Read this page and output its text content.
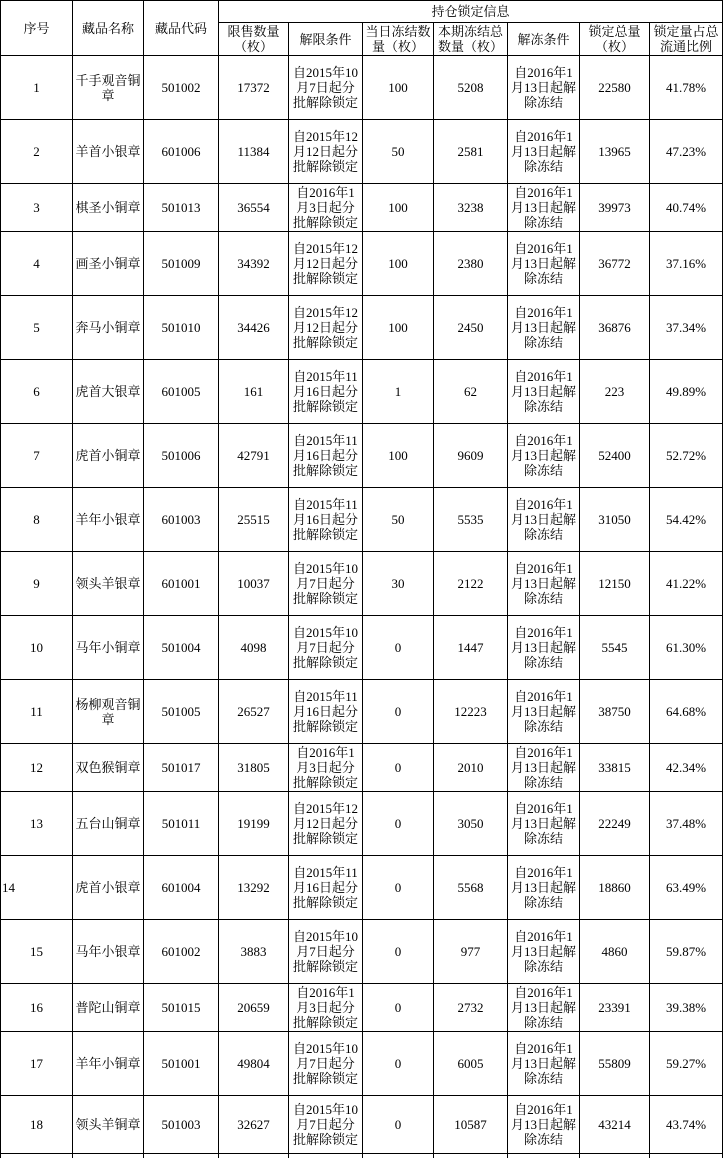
序号	藏品名称	藏品代码	持仓锁定信息						
			限售数量（枚）	解限条件	当日冻结数量（枚）	本期冻结总数量（枚）	解冻条件	锁定总量（枚）	锁定量占总流通比例
1	千手观音铜章	501002	17372	自2015年10月7日起分批解除锁定	100	5208	自2016年1月13日起解除冻结	22580	41.78%
2	羊首小银章	601006	11384	自2015年12月12日起分批解除锁定	50	2581	自2016年1月13日起解除冻结	13965	47.23%
3	棋圣小铜章	501013	36554	自2016年1月3日起分批解除锁定	100	3238	自2016年1月13日起解除冻结	39973	40.74%
4	画圣小铜章	501009	34392	自2015年12月12日起分批解除锁定	100	2380	自2016年1月13日起解除冻结	36772	37.16%
5	奔马小铜章	501010	34426	自2015年12月12日起分批解除锁定	100	2450	自2016年1月13日起解除冻结	36876	37.34%
6	虎首大银章	601005	161	自2015年11月16日起分批解除锁定	1	62	自2016年1月13日起解除冻结	223	49.89%
7	虎首小铜章	501006	42791	自2015年11月16日起分批解除锁定	100	9609	自2016年1月13日起解除冻结	52400	52.72%
8	羊年小银章	601003	25515	自2015年11月16日起分批解除锁定	50	5535	自2016年1月13日起解除冻结	31050	54.42%
9	领头羊银章	601001	10037	自2015年10月7日起分批解除锁定	30	2122	自2016年1月13日起解除冻结	12150	41.22%
10	马年小铜章	501004	4098	自2015年10月7日起分批解除锁定	0	1447	自2016年1月13日起解除冻结	5545	61.30%
11	杨柳观音铜章	501005	26527	自2015年11月16日起分批解除锁定	0	12223	自2016年1月13日起解除冻结	38750	64.68%
12	双色猴铜章	501017	31805	自2016年1月3日起分批解除锁定	0	2010	自2016年1月13日起解除冻结	33815	42.34%
13	五台山铜章	501011	19199	自2015年12月12日起分批解除锁定	0	3050	自2016年1月13日起解除冻结	22249	37.48%
14	虎首小银章	601004	13292	自2015年11月16日起分批解除锁定	0	5568	自2016年1月13日起解除冻结	18860	63.49%
15	马年小银章	601002	3883	自2015年10月7日起分批解除锁定	0	977	自2016年1月13日起解除冻结	4860	59.87%
16	普陀山铜章	501015	20659	自2016年1月3日起分批解除锁定	0	2732	自2016年1月13日起解除冻结	23391	39.38%
17	羊年小铜章	501001	49804	自2015年10月7日起分批解除锁定	0	6005	自2016年1月13日起解除冻结	55809	59.27%
18	领头羊铜章	501003	32627	自2015年10月7日起分批解除锁定	0	10587	自2016年1月13日起解除冻结	43214	43.74%
